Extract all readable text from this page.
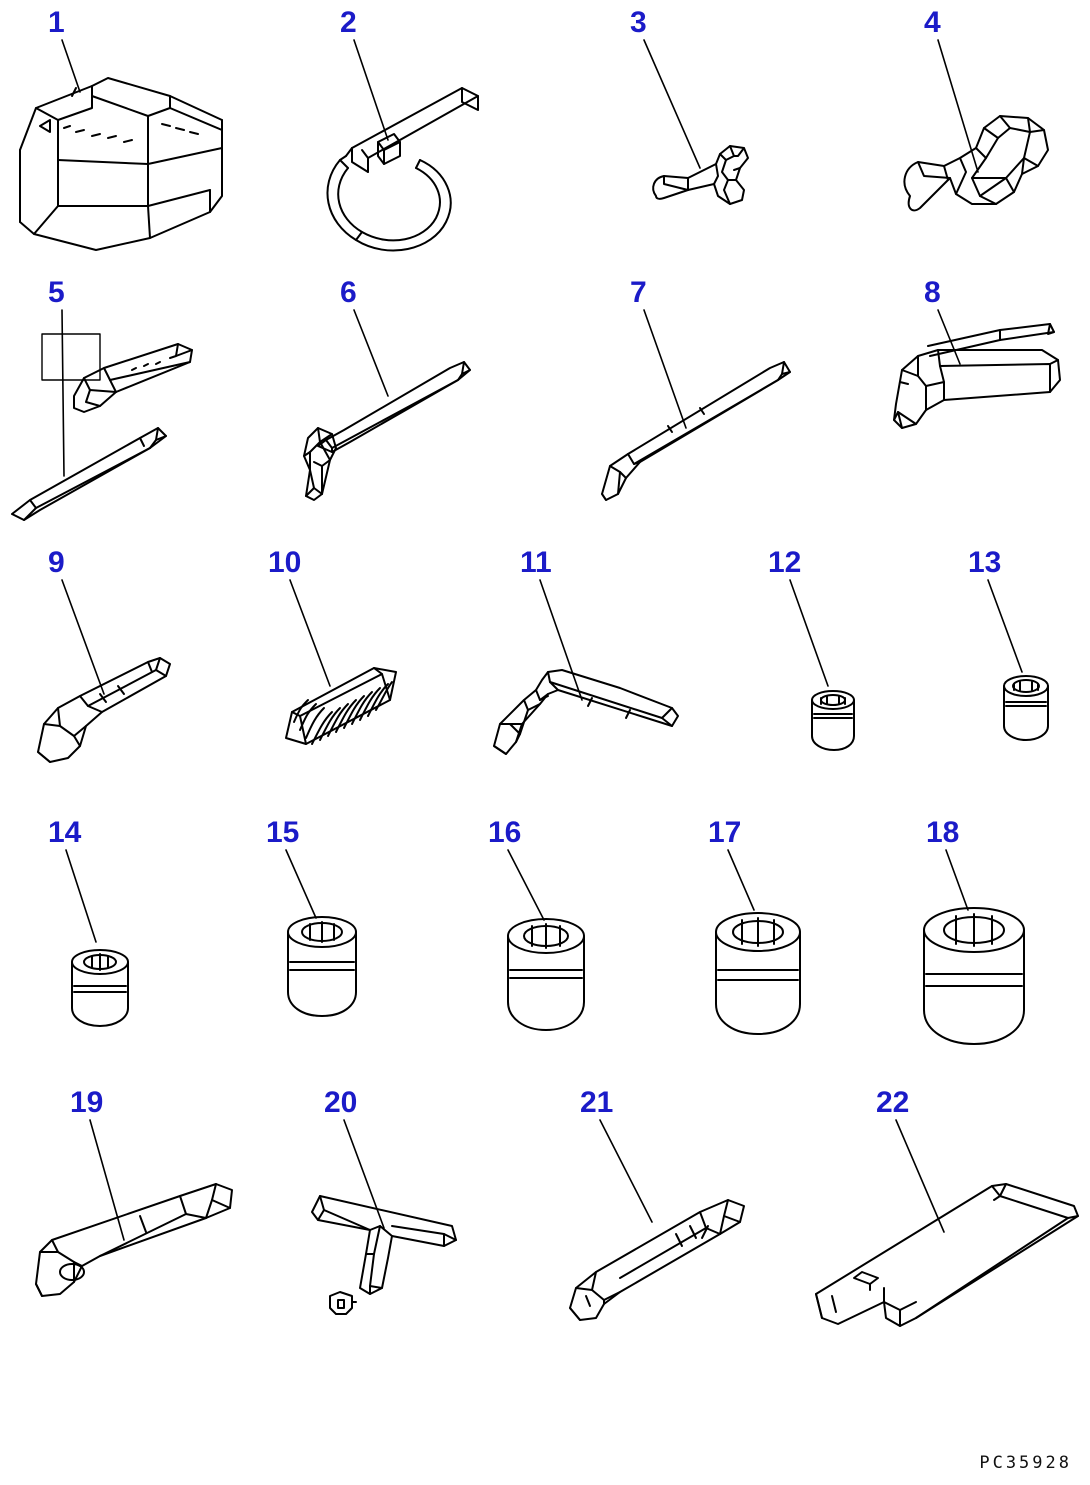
1	2	3	4
5	6	7	8
9	10	11	12	13
14	15	16	17	18
19	20	21	22
PC35928
